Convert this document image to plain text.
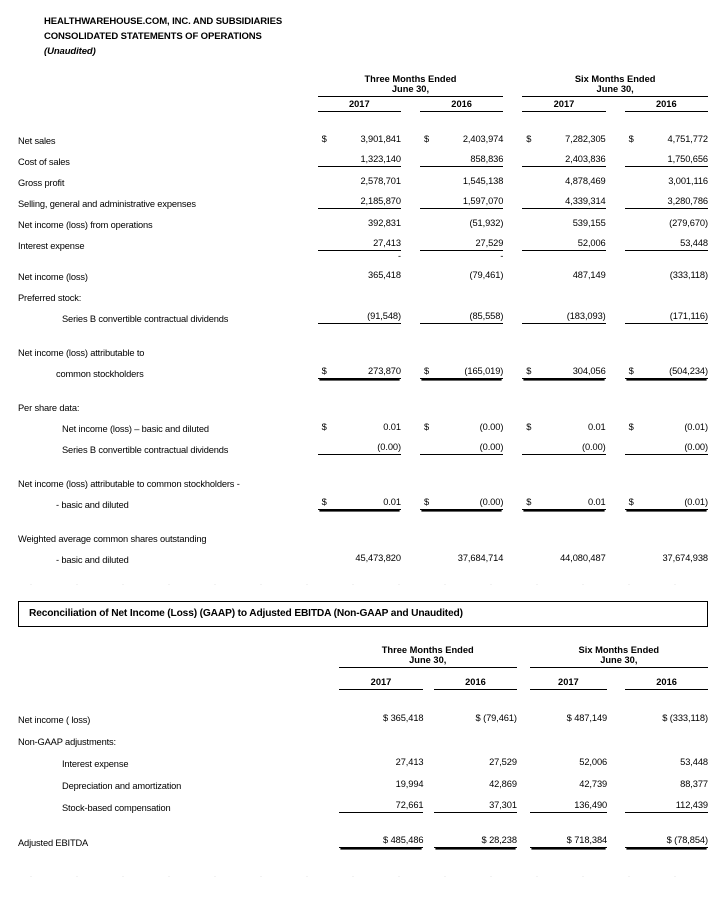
HEALTHWAREHOUSE.COM, INC. AND SUBSIDIARIES
CONSOLIDATED STATEMENTS OF OPERATIONS
(Unaudited)
	Three Months Ended				Six Months Ended		

	June 30,				June 30,		

	2017		2016		2017		2016

Net sales	$ 3,901,841		$ 2,403,974		$ 7,282,305		$ 4,751,772

Cost of sales	1,323,140		858,836		2,403,836		1,750,656

Gross profit	2,578,701		1,545,138		4,878,469		3,001,116

Selling, general and administrative expenses	2,185,870		1,597,070		4,339,314		3,280,786

Net income (loss) from operations	392,831		(51,932)		539,155		(279,670)

Interest expense	27,413		27,529		52,006		53,448

	-		-				
Net income (loss)	365,418		(79,461)		487,149		(333,118)

Preferred stock:	

Series B convertible contractual dividends	(91,548)		(85,558)		(183,093)		(171,116)

Net income (loss) attributable to	

common stockholders	$ 273,870		$ (165,019)		$ 304,056		$ (504,234)

Per share data:	

Net income (loss) – basic and diluted	$ 0.01		$ (0.00)		$ 0.01		$ (0.01)

Series B convertible contractual dividends	(0.00)		(0.00)		(0.00)		(0.00)

Net income (loss) attributable to common stockholders -	

- basic and diluted	$ 0.01		$ (0.00)		$ 0.01		$ (0.01)

Weighted average common shares outstanding	

- basic and diluted	45,473,820		37,684,714		44,080,487		37,674,938
Reconciliation of Net Income (Loss) (GAAP) to Adjusted EBITDA (Non-GAAP and Unaudited)
	Three Months Ended				Six Months Ended		

	June 30,				June 30,		

	2017		2016		2017		2016

Net income ( loss)	$ 365,418		$ (79,461)		$ 487,149		$ (333,118)

Non-GAAP adjustments:	

Interest expense	27,413		27,529		52,006		53,448

Depreciation and amortization	19,994		42,869		42,739		88,377

Stock-based compensation	72,661		37,301		136,490		112,439

Adjusted EBITDA	$ 485,486		$ 28,238		$ 718,384		$ (78,854)
